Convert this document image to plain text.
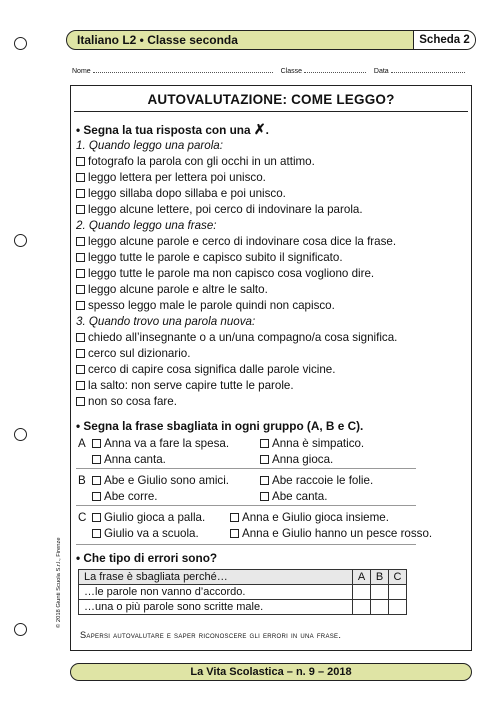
Italiano L2 • Classe seconda	Scheda 2
Nome	Classe	Data
AUTOVALUTAZIONE: COME LEGGO?
• Segna la tua risposta con una ✗.
1. Quando leggo una parola:
fotografo la parola con gli occhi in un attimo.
leggo lettera per lettera poi unisco.
leggo sillaba dopo sillaba e poi unisco.
leggo alcune lettere, poi cerco di indovinare la parola.
2. Quando leggo una frase:
leggo alcune parole e cerco di indovinare cosa dice la frase.
leggo tutte le parole e capisco subito il significato.
leggo tutte le parole ma non capisco cosa vogliono dire.
leggo alcune parole e altre le salto.
spesso leggo male le parole quindi non capisco.
3. Quando trovo una parola nuova:
chiedo all’insegnante o a un/una compagno/a cosa significa.
cerco sul dizionario.
cerco di capire cosa significa dalle parole vicine.
la salto: non serve capire tutte le parole.
non so cosa fare.
• Segna la frase sbagliata in ogni gruppo (A, B e C).
A	Anna va a fare la spesa.	Anna è simpatico.
Anna canta.	Anna gioca.
B	Abe e Giulio sono amici.	Abe raccoie le folie.
Abe corre.	Abe canta.
C	Giulio gioca a palla.	Anna e Giulio gioca insieme.
Giulio va a scuola.	Anna e Giulio hanno un pesce rosso.
• Che tipo di errori sono?
La frase è sbagliata perché…	A	B	C
…le parole non vanno d’accordo.			
…una o più parole sono scritte male.			
Sapersi autovalutare e saper riconoscere gli errori in una frase.
© 2018 Giunti Scuola S.r.l., Firenze
La Vita Scolastica – n. 9 – 2018
